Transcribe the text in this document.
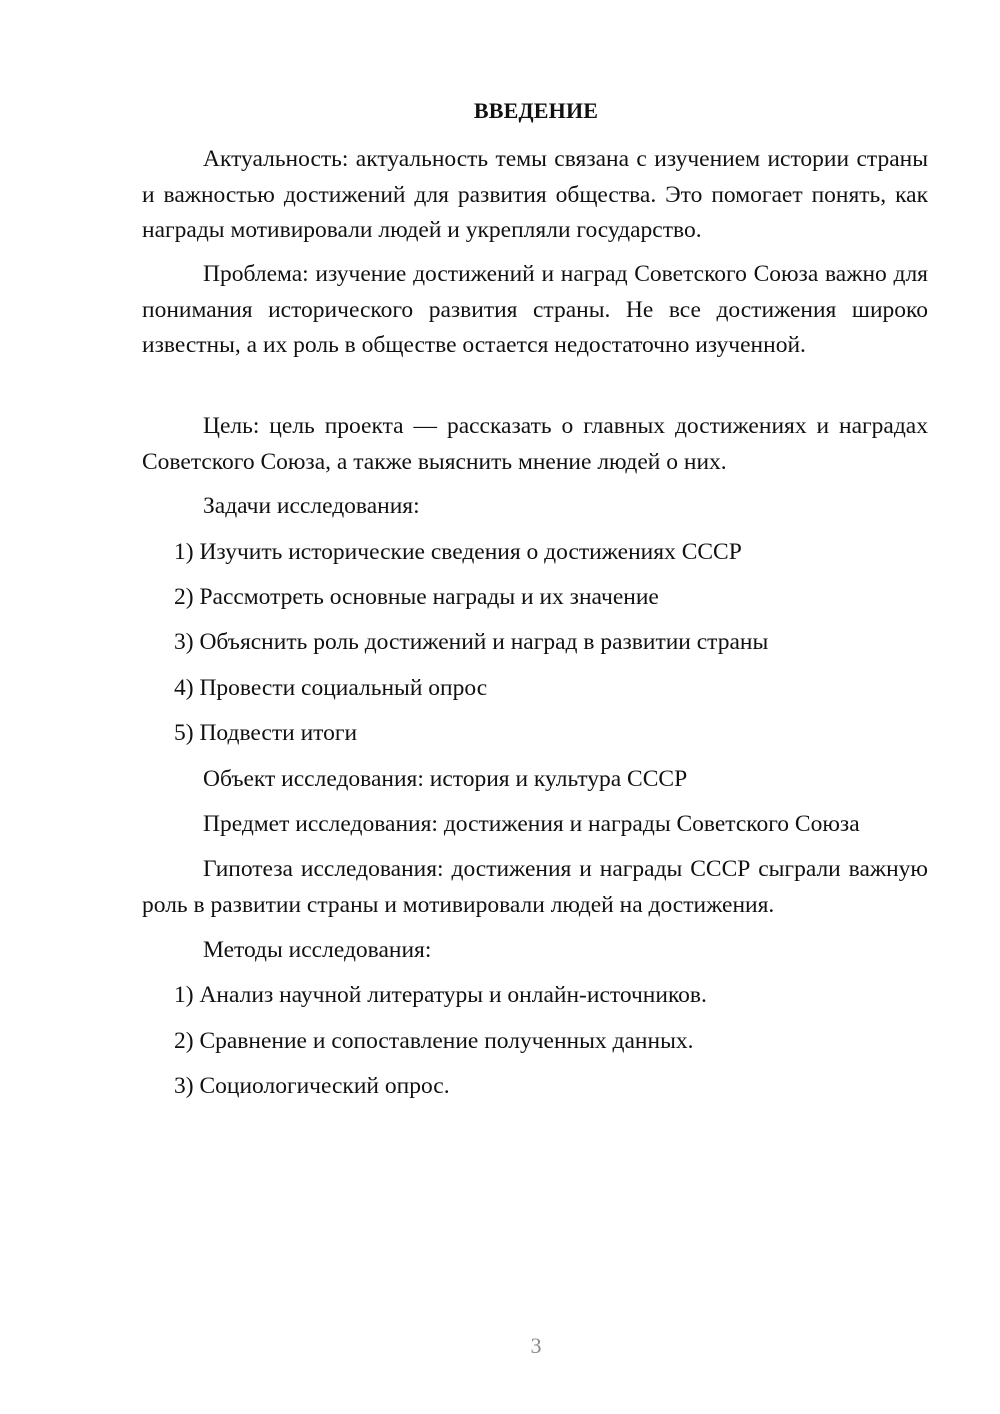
ВВЕДЕНИЕ

Актуальность: актуальность темы связана с изучением истории страны и важностью достижений для развития общества. Это помогает понять, как награды мотивировали людей и укрепляли государство.

Проблема: изучение достижений и наград Советского Союза важно для понимания исторического развития страны. Не все достижения широко известны, а их роль в обществе остается недостаточно изученной.

Цель: цель проекта — рассказать о главных достижениях и наградах Советского Союза, а также выяснить мнение людей о них.

Задачи исследования:

1) Изучить исторические сведения о достижениях СССР

2) Рассмотреть основные награды и их значение

3) Объяснить роль достижений и наград в развитии страны

4) Провести социальный опрос

5) Подвести итоги

Объект исследования: история и культура СССР

Предмет исследования: достижения и награды Советского Союза

Гипотеза исследования: достижения и награды СССР сыграли важную роль в развитии страны и мотивировали людей на достижения.

Методы исследования:

1) Анализ научной литературы и онлайн-источников.

2) Сравнение и сопоставление полученных данных.

3) Социологический опрос.

3
